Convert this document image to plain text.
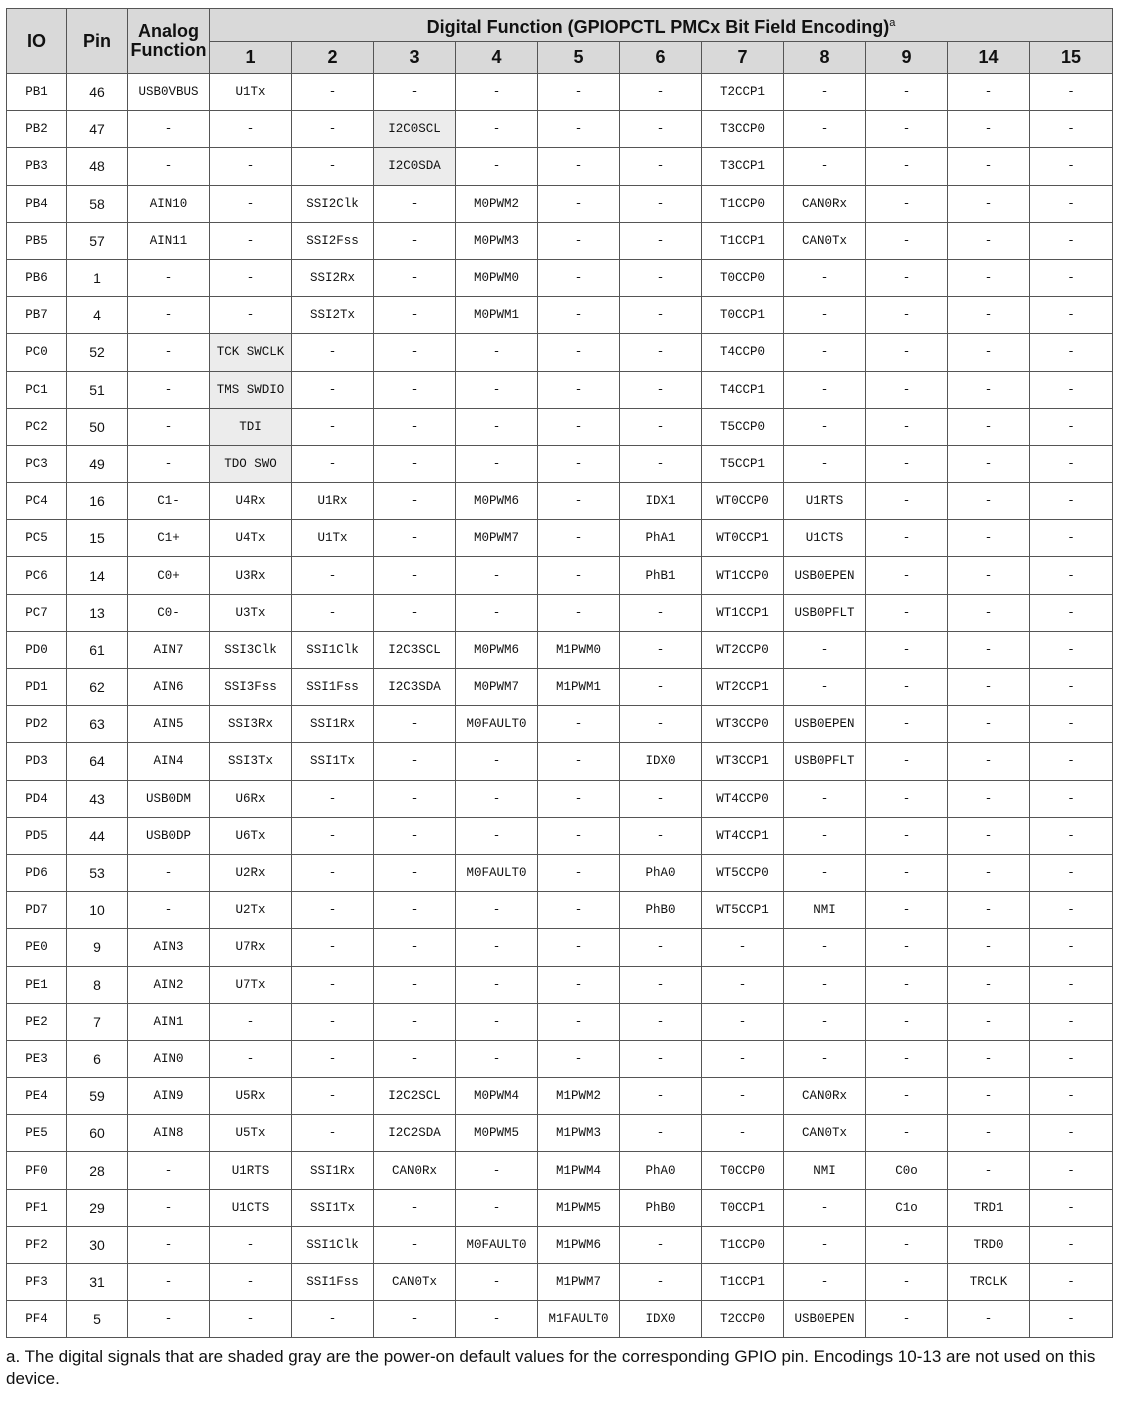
IO	Pin	Analog Function	Digital Function (GPIOPCTL PMCx Bit Field Encoding)$^a$
			1	2	3	4	5	6	7	8	9	14	15
PB1	46	USB0VBUS	U1Tx	-	-	-	-	-	T2CCP1	-	-	-	-
PB2	47	-	-	-	I2C0SCL	-	-	-	T3CCP0	-	-	-	-
PB3	48	-	-	-	I2C0SDA	-	-	-	T3CCP1	-	-	-	-
PB4	58	AIN10	-	SSI2Clk	-	M0PWM2	-	-	T1CCP0	CAN0Rx	-	-	-
PB5	57	AIN11	-	SSI2Fss	-	M0PWM3	-	-	T1CCP1	CAN0Tx	-	-	-
PB6	1	-	-	SSI2Rx	-	M0PWM0	-	-	T0CCP0	-	-	-	-
PB7	4	-	-	SSI2Tx	-	M0PWM1	-	-	T0CCP1	-	-	-	-
PC0	52	-	TCK SWCLK	-	-	-	-	-	T4CCP0	-	-	-	-
PC1	51	-	TMS SWDIO	-	-	-	-	-	T4CCP1	-	-	-	-
PC2	50	-	TDI	-	-	-	-	-	T5CCP0	-	-	-	-
PC3	49	-	TDO SWO	-	-	-	-	-	T5CCP1	-	-	-	-
PC4	16	C1-	U4Rx	U1Rx	-	M0PWM6	-	IDX1	WT0CCP0	U1RTS	-	-	-
PC5	15	C1+	U4Tx	U1Tx	-	M0PWM7	-	PhA1	WT0CCP1	U1CTS	-	-	-
PC6	14	C0+	U3Rx	-	-	-	-	PhB1	WT1CCP0	USB0EPEN	-	-	-
PC7	13	C0-	U3Tx	-	-	-	-	-	WT1CCP1	USB0PFLT	-	-	-
PD0	61	AIN7	SSI3Clk	SSI1Clk	I2C3SCL	M0PWM6	M1PWM0	-	WT2CCP0	-	-	-	-
PD1	62	AIN6	SSI3Fss	SSI1Fss	I2C3SDA	M0PWM7	M1PWM1	-	WT2CCP1	-	-	-	-
PD2	63	AIN5	SSI3Rx	SSI1Rx	-	M0FAULT0	-	-	WT3CCP0	USB0EPEN	-	-	-
PD3	64	AIN4	SSI3Tx	SSI1Tx	-	-	-	IDX0	WT3CCP1	USB0PFLT	-	-	-
PD4	43	USB0DM	U6Rx	-	-	-	-	-	WT4CCP0	-	-	-	-
PD5	44	USB0DP	U6Tx	-	-	-	-	-	WT4CCP1	-	-	-	-
PD6	53	-	U2Rx	-	-	M0FAULT0	-	PhA0	WT5CCP0	-	-	-	-
PD7	10	-	U2Tx	-	-	-	-	PhB0	WT5CCP1	NMI	-	-	-
PE0	9	AIN3	U7Rx	-	-	-	-	-	-	-	-	-	-
PE1	8	AIN2	U7Tx	-	-	-	-	-	-	-	-	-	-
PE2	7	AIN1	-	-	-	-	-	-	-	-	-	-	-
PE3	6	AIN0	-	-	-	-	-	-	-	-	-	-	-
PE4	59	AIN9	U5Rx	-	I2C2SCL	M0PWM4	M1PWM2	-	-	CAN0Rx	-	-	-
PE5	60	AIN8	U5Tx	-	I2C2SDA	M0PWM5	M1PWM3	-	-	CAN0Tx	-	-	-
PF0	28	-	U1RTS	SSI1Rx	CAN0Rx	-	M1PWM4	PhA0	T0CCP0	NMI	C0o	-	-
PF1	29	-	U1CTS	SSI1Tx	-	-	M1PWM5	PhB0	T0CCP1	-	C1o	TRD1	-
PF2	30	-	-	SSI1Clk	-	M0FAULT0	M1PWM6	-	T1CCP0	-	-	TRD0	-
PF3	31	-	-	SSI1Fss	CAN0Tx	-	M1PWM7	-	T1CCP1	-	-	TRCLK	-
PF4	5	-	-	-	-	-	M1FAULT0	IDX0	T2CCP0	USB0EPEN	-	-	-
a. The digital signals that are shaded gray are the power-on default values for the corresponding GPIO pin. Encodings 10-13 are not used on this device.
